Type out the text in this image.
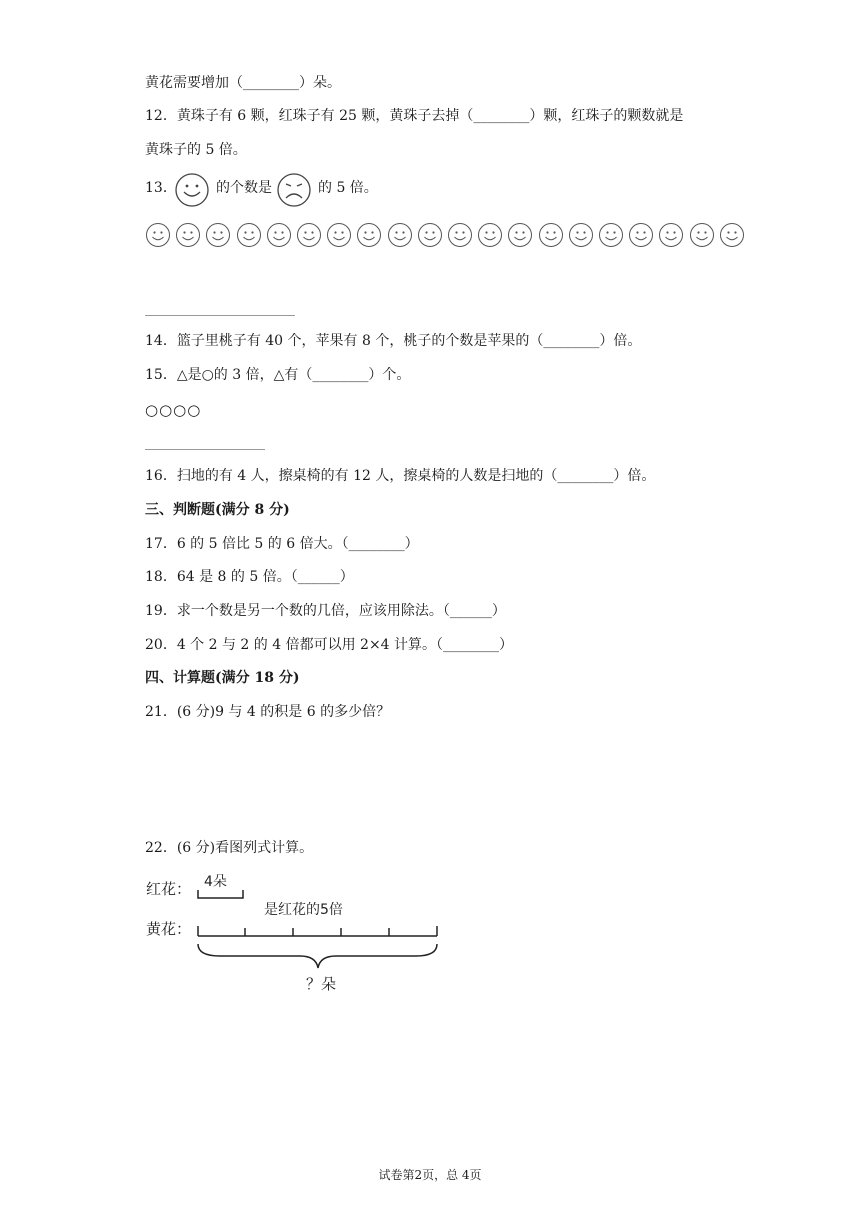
黄花需要增加（________）朵。
12．黄珠子有 6 颗，红珠子有 25 颗，黄珠子去掉（________）颗，红珠子的颗数就是
黄珠子的 5 倍。
13．	的个数是	的 5 倍。
14．篮子里桃子有 40 个，苹果有 8 个，桃子的个数是苹果的（________）倍。
15．△是○的 3 倍，△有（________）个。
○○○○
16．扫地的有 4 人，擦桌椅的有 12 人，擦桌椅的人数是扫地的（________）倍。
三、判断题(满分 8 分)
17．6 的 5 倍比 5 的 6 倍大。（________）
18．64 是 8 的 5 倍。（______）
19．求一个数是另一个数的几倍，应该用除法。（______）
20．4 个 2 与 2 的 4 倍都可以用 2×4 计算。（________）
四、计算题(满分 18 分)
21．(6 分)9 与 4 的积是 6 的多少倍？
22．(6 分)看图列式计算。
红花： 4朵
是红花的5倍
黄花：
？朵
试卷第2页，总 4页
